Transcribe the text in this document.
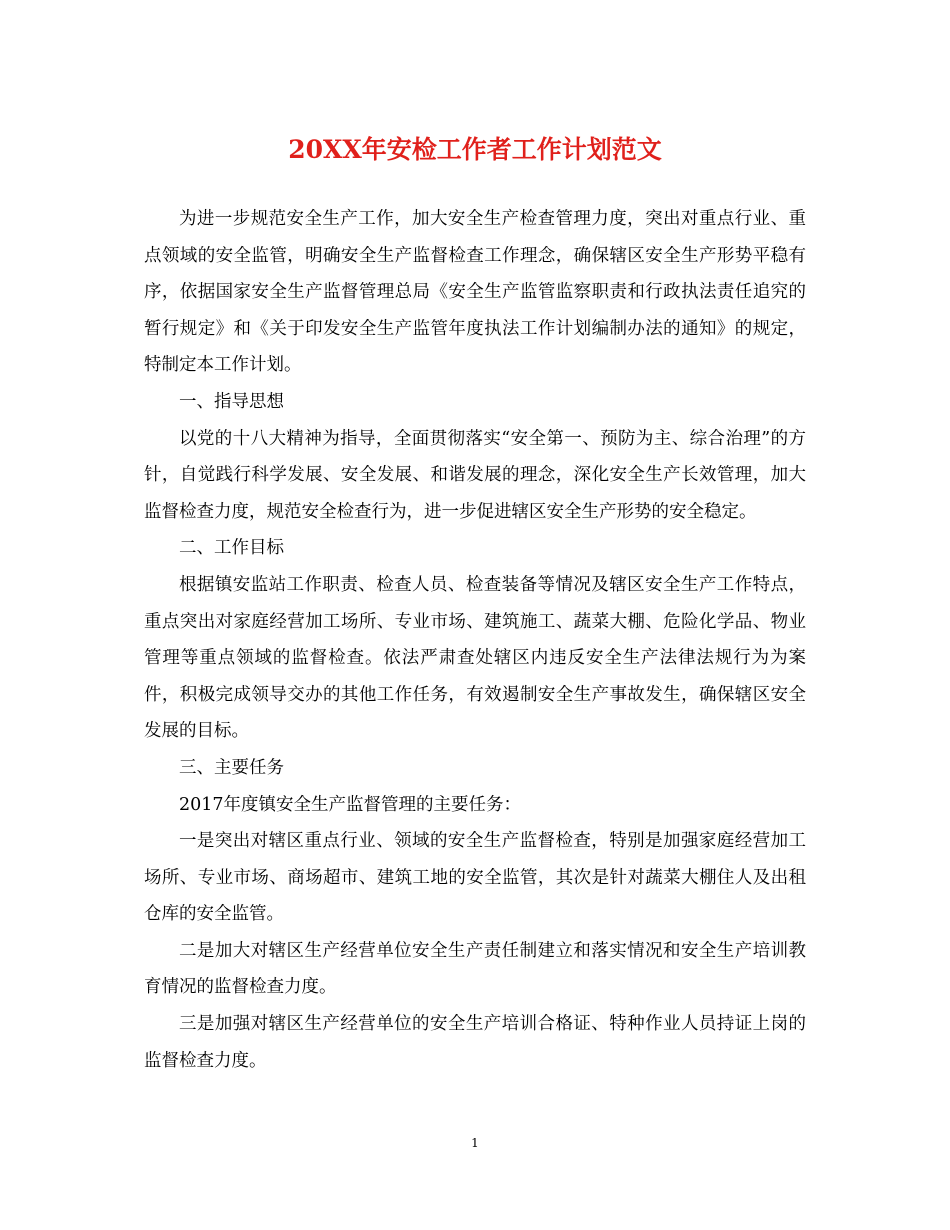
20XX年安检工作者工作计划范文

为进一步规范安全生产工作，加大安全生产检查管理力度，突出对重点行业、重点领域的安全监管，明确安全生产监督检查工作理念，确保辖区安全生产形势平稳有序，依据国家安全生产监督管理总局《安全生产监管监察职责和行政执法责任追究的暂行规定》和《关于印发安全生产监管年度执法工作计划编制办法的通知》的规定，特制定本工作计划。

一、指导思想

以党的十八大精神为指导，全面贯彻落实“安全第一、预防为主、综合治理”的方针，自觉践行科学发展、安全发展、和谐发展的理念，深化安全生产长效管理，加大监督检查力度，规范安全检查行为，进一步促进辖区安全生产形势的安全稳定。

二、工作目标

根据镇安监站工作职责、检查人员、检查装备等情况及辖区安全生产工作特点，重点突出对家庭经营加工场所、专业市场、建筑施工、蔬菜大棚、危险化学品、物业管理等重点领域的监督检查。依法严肃查处辖区内违反安全生产法律法规行为为案件，积极完成领导交办的其他工作任务，有效遏制安全生产事故发生，确保辖区安全发展的目标。

三、主要任务

2017年度镇安全生产监督管理的主要任务：

一是突出对辖区重点行业、领域的安全生产监督检查，特别是加强家庭经营加工场所、专业市场、商场超市、建筑工地的安全监管，其次是针对蔬菜大棚住人及出租仓库的安全监管。

二是加大对辖区生产经营单位安全生产责任制建立和落实情况和安全生产培训教育情况的监督检查力度。

三是加强对辖区生产经营单位的安全生产培训合格证、特种作业人员持证上岗的监督检查力度。

1
